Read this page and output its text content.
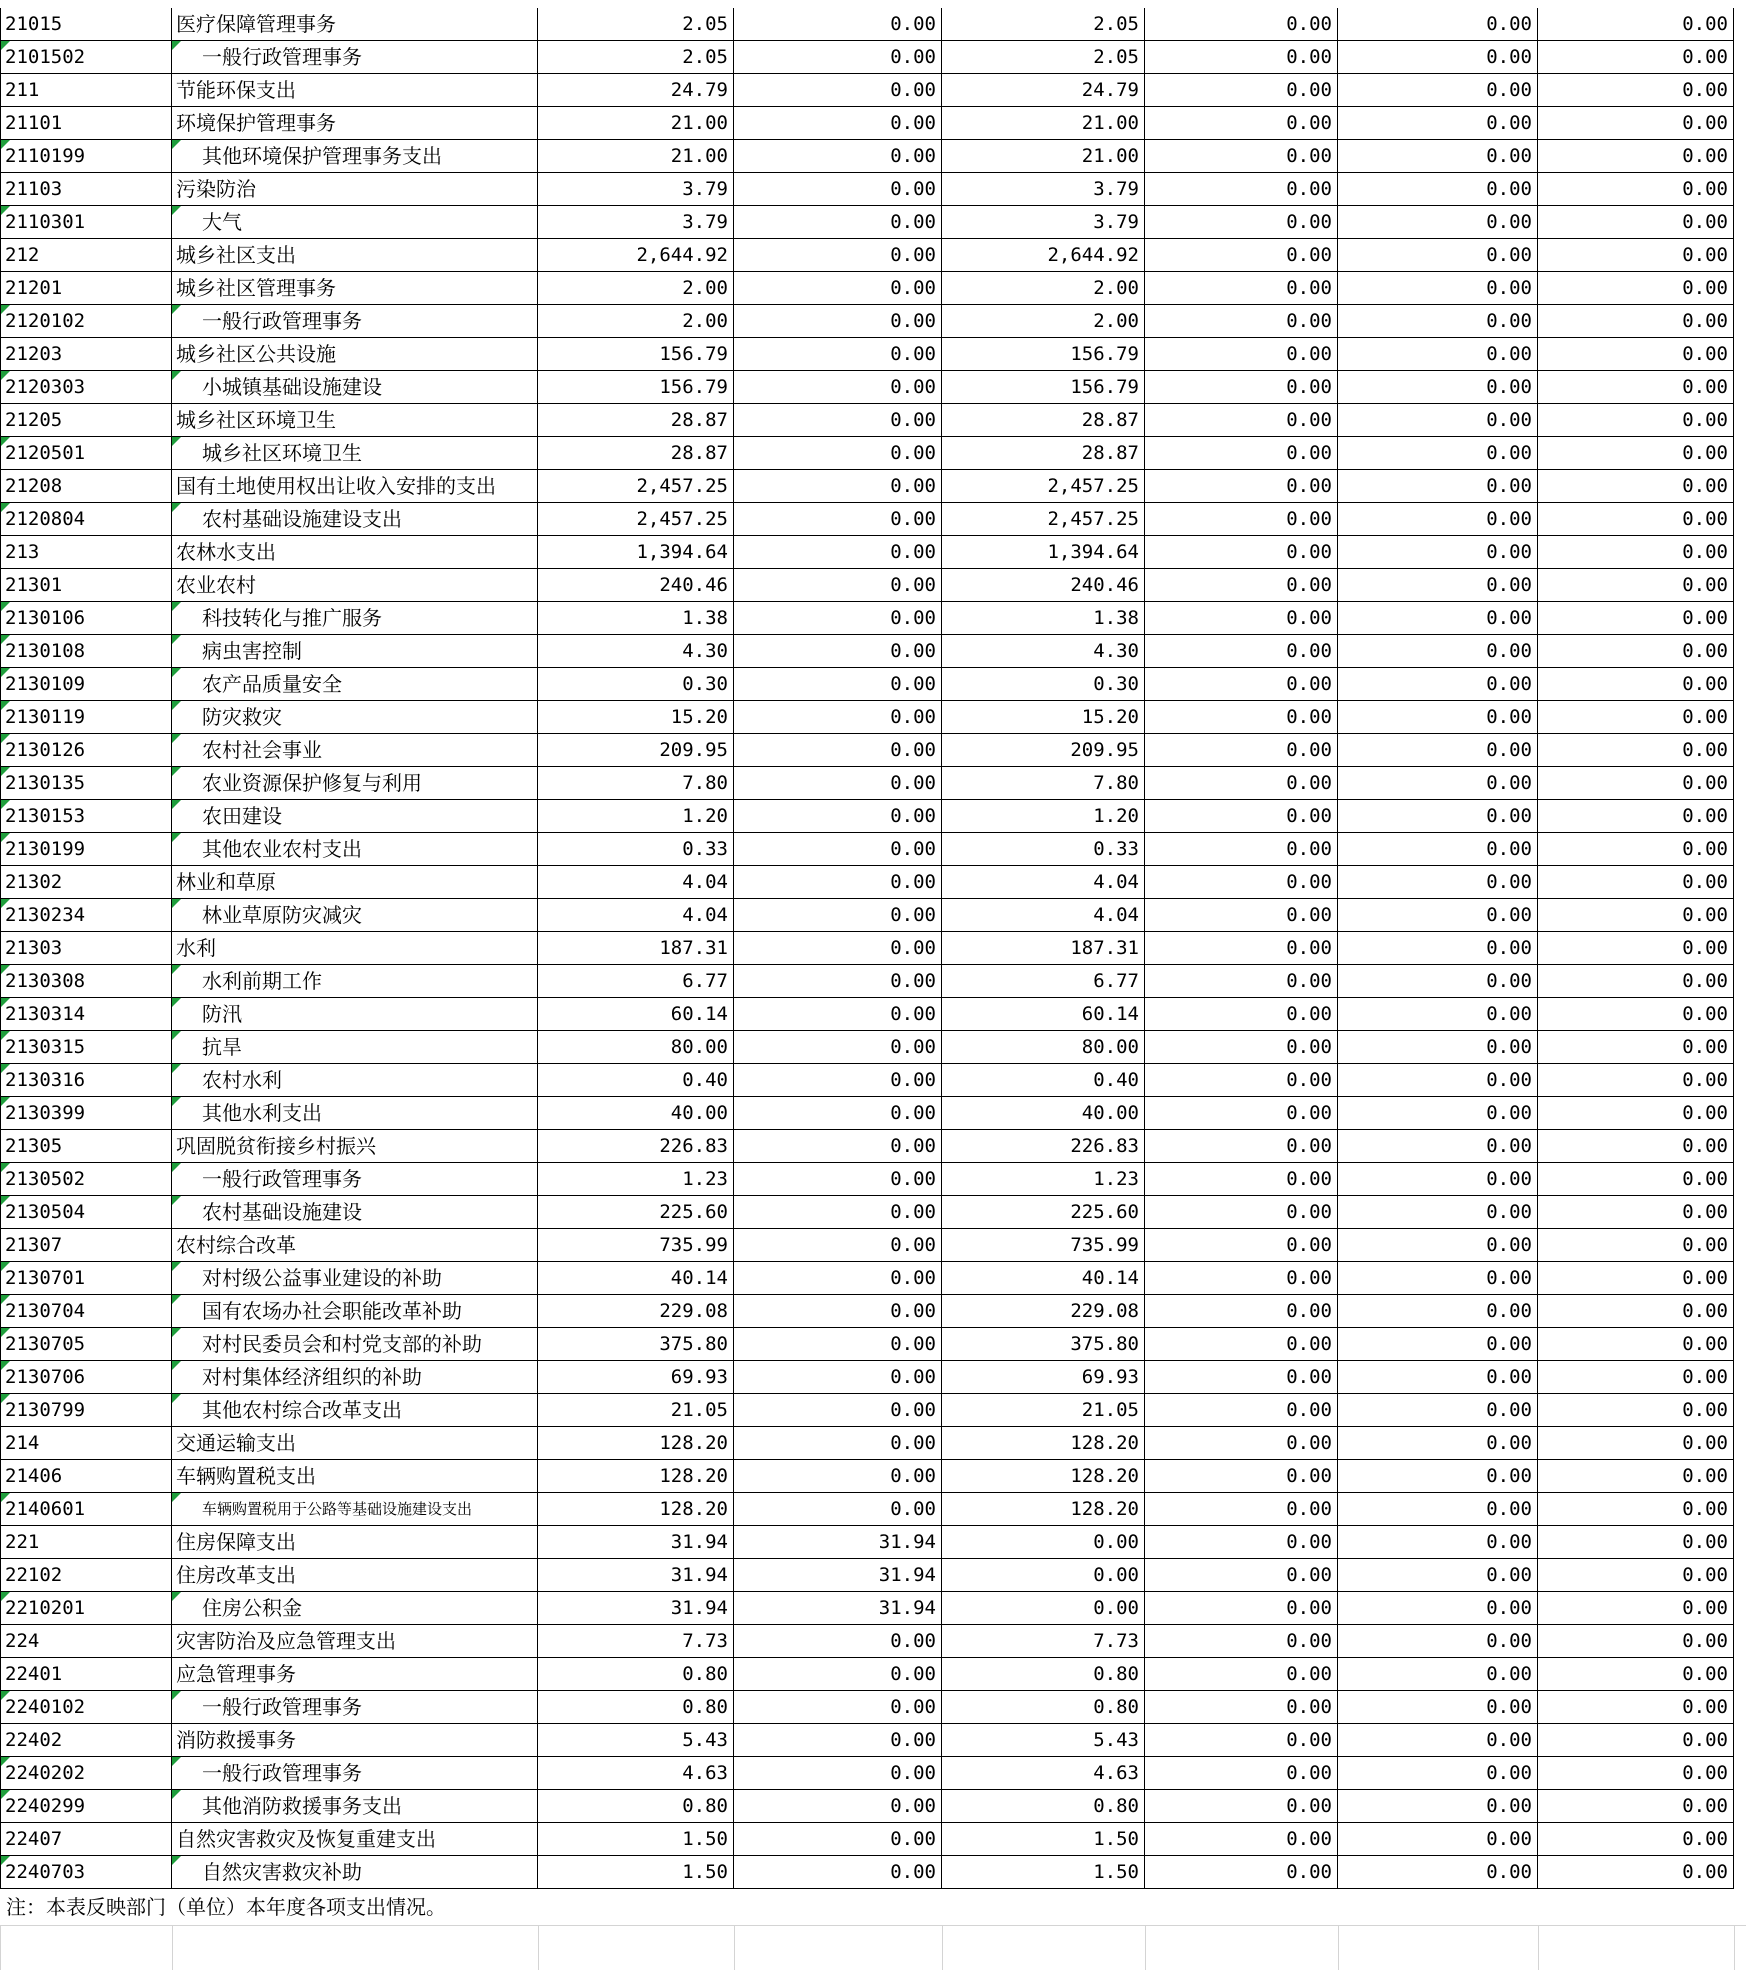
21015	医疗保障管理事务	2.05	0.00	2.05	0.00	0.00	0.00
2101502	一般行政管理事务	2.05	0.00	2.05	0.00	0.00	0.00
211	节能环保支出	24.79	0.00	24.79	0.00	0.00	0.00
21101	环境保护管理事务	21.00	0.00	21.00	0.00	0.00	0.00
2110199	其他环境保护管理事务支出	21.00	0.00	21.00	0.00	0.00	0.00
21103	污染防治	3.79	0.00	3.79	0.00	0.00	0.00
2110301	大气	3.79	0.00	3.79	0.00	0.00	0.00
212	城乡社区支出	2,644.92	0.00	2,644.92	0.00	0.00	0.00
21201	城乡社区管理事务	2.00	0.00	2.00	0.00	0.00	0.00
2120102	一般行政管理事务	2.00	0.00	2.00	0.00	0.00	0.00
21203	城乡社区公共设施	156.79	0.00	156.79	0.00	0.00	0.00
2120303	小城镇基础设施建设	156.79	0.00	156.79	0.00	0.00	0.00
21205	城乡社区环境卫生	28.87	0.00	28.87	0.00	0.00	0.00
2120501	城乡社区环境卫生	28.87	0.00	28.87	0.00	0.00	0.00
21208	国有土地使用权出让收入安排的支出	2,457.25	0.00	2,457.25	0.00	0.00	0.00
2120804	农村基础设施建设支出	2,457.25	0.00	2,457.25	0.00	0.00	0.00
213	农林水支出	1,394.64	0.00	1,394.64	0.00	0.00	0.00
21301	农业农村	240.46	0.00	240.46	0.00	0.00	0.00
2130106	科技转化与推广服务	1.38	0.00	1.38	0.00	0.00	0.00
2130108	病虫害控制	4.30	0.00	4.30	0.00	0.00	0.00
2130109	农产品质量安全	0.30	0.00	0.30	0.00	0.00	0.00
2130119	防灾救灾	15.20	0.00	15.20	0.00	0.00	0.00
2130126	农村社会事业	209.95	0.00	209.95	0.00	0.00	0.00
2130135	农业资源保护修复与利用	7.80	0.00	7.80	0.00	0.00	0.00
2130153	农田建设	1.20	0.00	1.20	0.00	0.00	0.00
2130199	其他农业农村支出	0.33	0.00	0.33	0.00	0.00	0.00
21302	林业和草原	4.04	0.00	4.04	0.00	0.00	0.00
2130234	林业草原防灾减灾	4.04	0.00	4.04	0.00	0.00	0.00
21303	水利	187.31	0.00	187.31	0.00	0.00	0.00
2130308	水利前期工作	6.77	0.00	6.77	0.00	0.00	0.00
2130314	防汛	60.14	0.00	60.14	0.00	0.00	0.00
2130315	抗旱	80.00	0.00	80.00	0.00	0.00	0.00
2130316	农村水利	0.40	0.00	0.40	0.00	0.00	0.00
2130399	其他水利支出	40.00	0.00	40.00	0.00	0.00	0.00
21305	巩固脱贫衔接乡村振兴	226.83	0.00	226.83	0.00	0.00	0.00
2130502	一般行政管理事务	1.23	0.00	1.23	0.00	0.00	0.00
2130504	农村基础设施建设	225.60	0.00	225.60	0.00	0.00	0.00
21307	农村综合改革	735.99	0.00	735.99	0.00	0.00	0.00
2130701	对村级公益事业建设的补助	40.14	0.00	40.14	0.00	0.00	0.00
2130704	国有农场办社会职能改革补助	229.08	0.00	229.08	0.00	0.00	0.00
2130705	对村民委员会和村党支部的补助	375.80	0.00	375.80	0.00	0.00	0.00
2130706	对村集体经济组织的补助	69.93	0.00	69.93	0.00	0.00	0.00
2130799	其他农村综合改革支出	21.05	0.00	21.05	0.00	0.00	0.00
214	交通运输支出	128.20	0.00	128.20	0.00	0.00	0.00
21406	车辆购置税支出	128.20	0.00	128.20	0.00	0.00	0.00
2140601	车辆购置税用于公路等基础设施建设支出	128.20	0.00	128.20	0.00	0.00	0.00
221	住房保障支出	31.94	31.94	0.00	0.00	0.00	0.00
22102	住房改革支出	31.94	31.94	0.00	0.00	0.00	0.00
2210201	住房公积金	31.94	31.94	0.00	0.00	0.00	0.00
224	灾害防治及应急管理支出	7.73	0.00	7.73	0.00	0.00	0.00
22401	应急管理事务	0.80	0.00	0.80	0.00	0.00	0.00
2240102	一般行政管理事务	0.80	0.00	0.80	0.00	0.00	0.00
22402	消防救援事务	5.43	0.00	5.43	0.00	0.00	0.00
2240202	一般行政管理事务	4.63	0.00	4.63	0.00	0.00	0.00
2240299	其他消防救援事务支出	0.80	0.00	0.80	0.00	0.00	0.00
22407	自然灾害救灾及恢复重建支出	1.50	0.00	1.50	0.00	0.00	0.00
2240703	自然灾害救灾补助	1.50	0.00	1.50	0.00	0.00	0.00
注：本表反映部门（单位）本年度各项支出情况。
